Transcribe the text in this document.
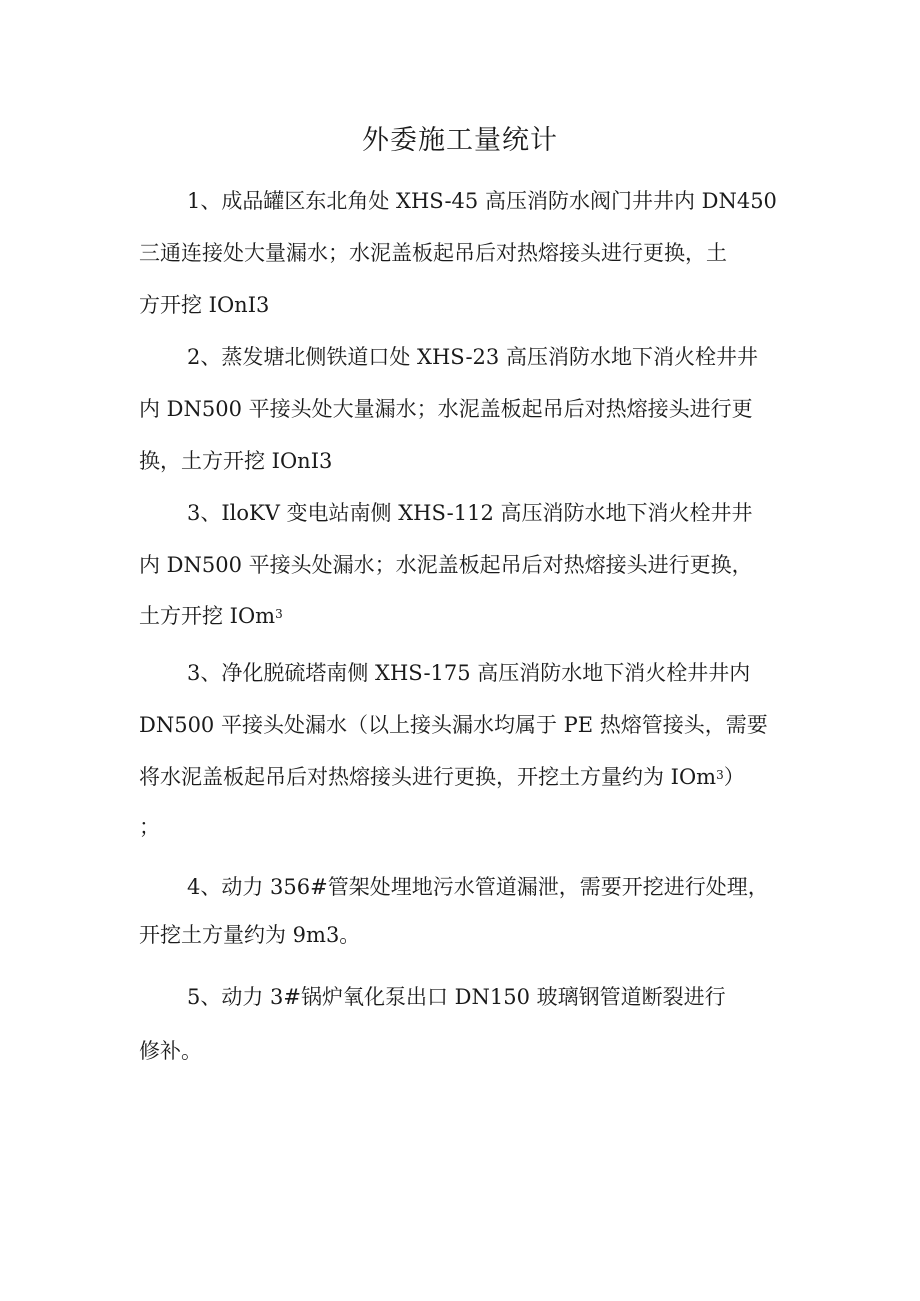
外委施工量统计
1、成品罐区东北角处 XHS-45 高压消防水阀门井井内 DN450
三通连接处大量漏水；水泥盖板起吊后对热熔接头进行更换，土
方开挖 IOnI3
2、蒸发塘北侧铁道口处 XHS-23 高压消防水地下消火栓井井
内 DN500 平接头处大量漏水；水泥盖板起吊后对热熔接头进行更
换，土方开挖 IOnI3
3、IloKV 变电站南侧 XHS-112 高压消防水地下消火栓井井
内 DN500 平接头处漏水；水泥盖板起吊后对热熔接头进行更换，
土方开挖 IOm$^3$
3、净化脱硫塔南侧 XHS-175 高压消防水地下消火栓井井内
DN500 平接头处漏水（以上接头漏水均属于 PE 热熔管接头，需要
将水泥盖板起吊后对热熔接头进行更换，开挖土方量约为 IOm$^3$）
；
4、动力 356#管架处埋地污水管道漏泄，需要开挖进行处理，
开挖土方量约为 9m3。
5、动力 3#锅炉氧化泵出口 DN150 玻璃钢管道断裂进行
修补。
